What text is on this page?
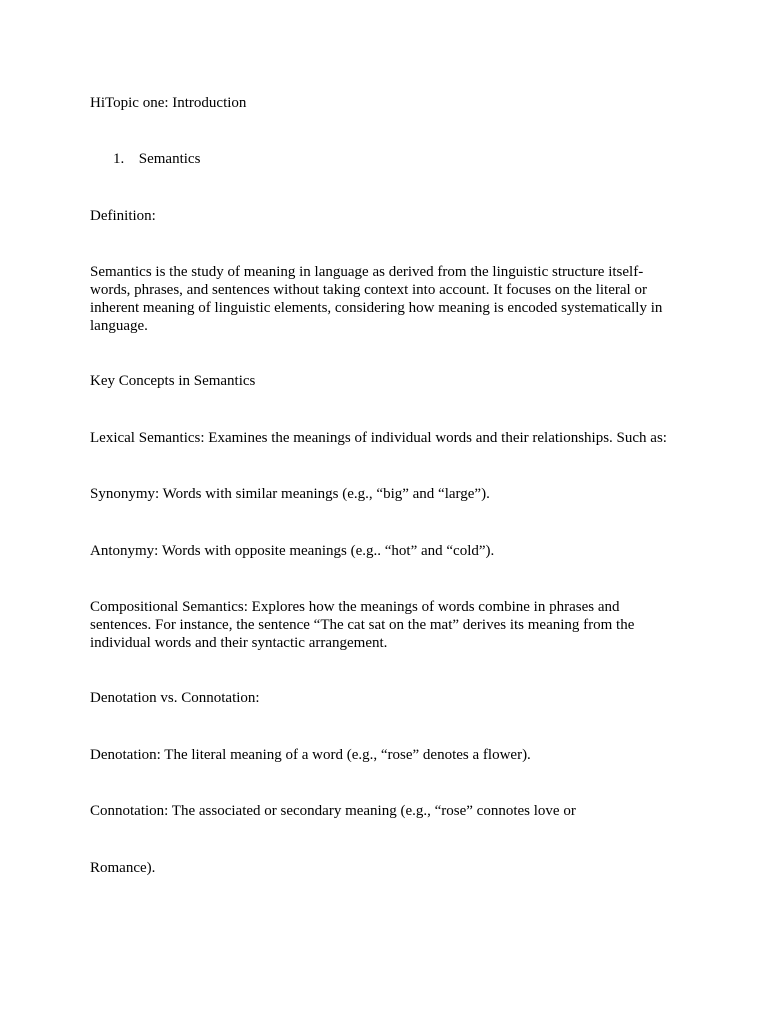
HiTopic one: Introduction

1. Semantics

Definition:

Semantics is the study of meaning in language as derived from the linguistic structure itself- words, phrases, and sentences without taking context into account. It focuses on the literal or inherent meaning of linguistic elements, considering how meaning is encoded systematically in language.

Key Concepts in Semantics

Lexical Semantics: Examines the meanings of individual words and their relationships. Such as:

Synonymy: Words with similar meanings (e.g., “big” and “large”).

Antonymy: Words with opposite meanings (e.g.. “hot” and “cold”).

Compositional Semantics: Explores how the meanings of words combine in phrases and sentences. For instance, the sentence “The cat sat on the mat” derives its meaning from the individual words and their syntactic arrangement.

Denotation vs. Connotation:

Denotation: The literal meaning of a word (e.g., “rose” denotes a flower).

Connotation: The associated or secondary meaning (e.g., “rose” connotes love or

Romance).
